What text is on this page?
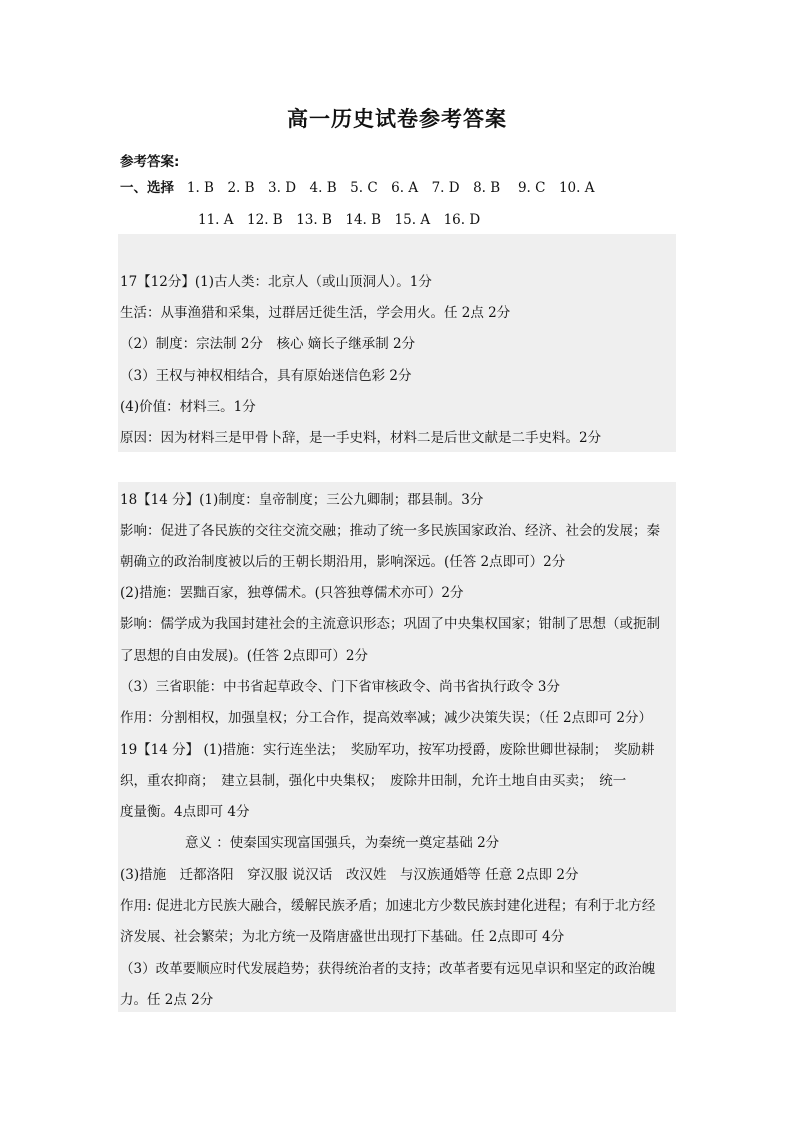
高一历史试卷参考答案
参考答案:
一、选择 1. B　2. B　3. D　4. B　5. C　6. A　7. D　8. B　 9. C　10. A
11. A　12. B　13. B　14. B　15. A　16. D
17【12分】(1)古人类：北京人（或山顶洞人）。1分
生活：从事渔猎和采集，过群居迁徙生活，学会用火。任 2点 2分
（2）制度：宗法制 2分　核心 嫡长子继承制 2分
（3）王权与神权相结合，具有原始迷信色彩 2分
(4)价值：材料三。1分
原因：因为材料三是甲骨卜辞，是一手史料，材料二是后世文献是二手史料。2分
18【14 分】(1)制度：皇帝制度；三公九卿制；郡县制。3分
影响：促进了各民族的交往交流交融；推动了统一多民族国家政治、经济、社会的发展；秦
朝确立的政治制度被以后的王朝长期沿用，影响深远。(任答 2点即可）2分
(2)措施：罢黜百家，独尊儒术。(只答独尊儒术亦可）2分
影响：儒学成为我国封建社会的主流意识形态；巩固了中央集权国家；钳制了思想（或扼制
了思想的自由发展)。(任答 2点即可）2分
（3）三省职能：中书省起草政令、门下省审核政令、尚书省执行政令 3分
作用：分割相权，加强皇权；分工合作，提高效率减；减少决策失误；（任 2点即可 2分）
19【14 分】 (1)措施：实行连坐法；　奖励军功，按军功授爵，废除世卿世禄制；　奖励耕
织，重农抑商；　建立县制，强化中央集权；　废除井田制，允许土地自由买卖；　统一
度量衡。4点即可 4分
意义 ：使秦国实现富国强兵，为秦统一奠定基础 2分
(3)措施　迁都洛阳　穿汉服 说汉话　改汉姓　与汉族通婚等 任意 2点即 2分
作用: 促进北方民族大融合，缓解民族矛盾；加速北方少数民族封建化进程；有利于北方经
济发展、社会繁荣；为北方统一及隋唐盛世出现打下基础。任 2点即可 4分
（3）改革要顺应时代发展趋势；获得统治者的支持；改革者要有远见卓识和坚定的政治魄
力。任 2点 2分
